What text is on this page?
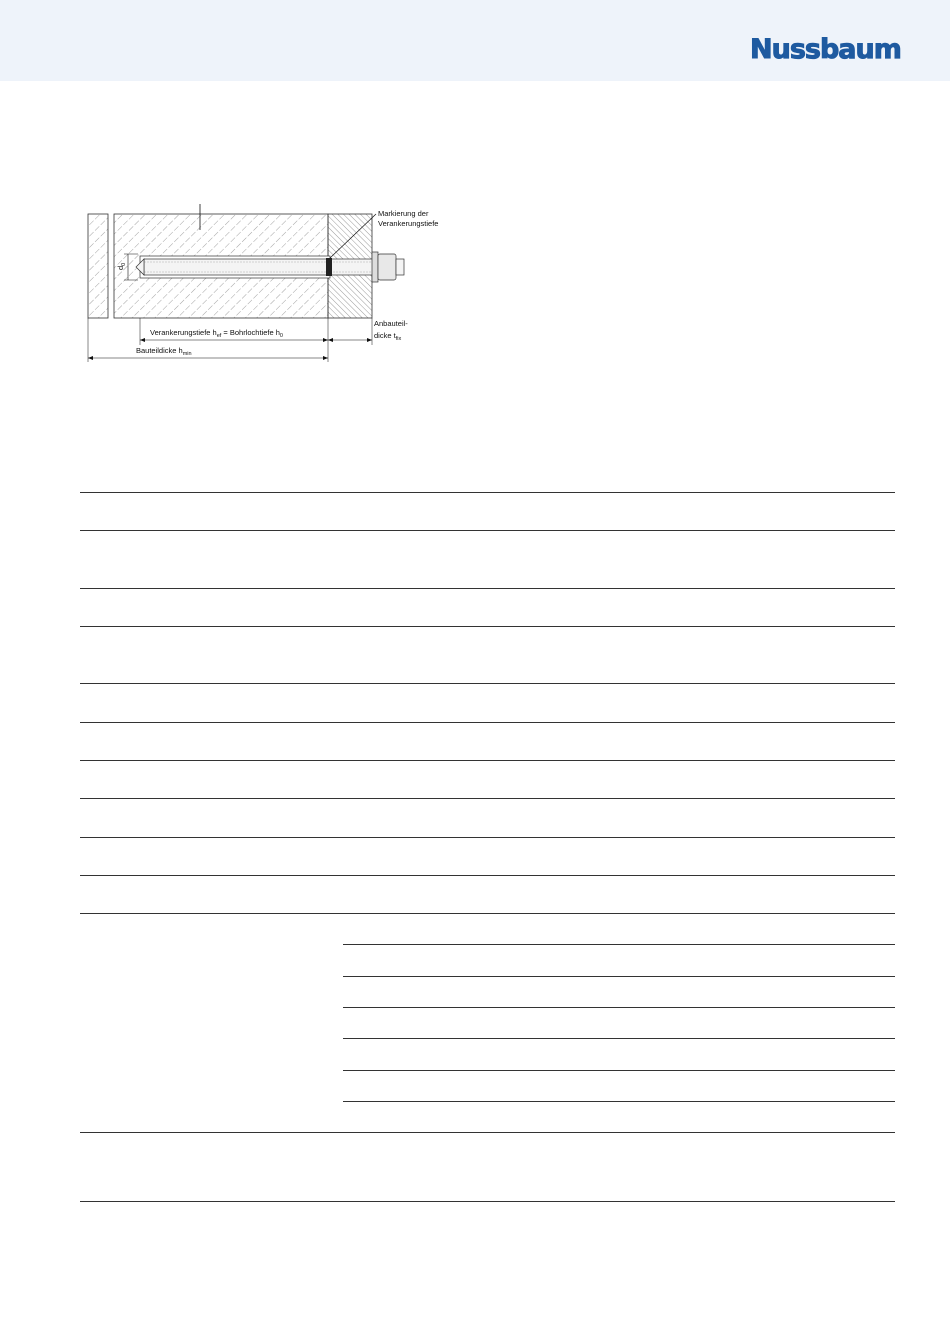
Nussbaum
Markierung der
Verankerungstiefe
$d_0$
Verankerungstiefe $h_{ef}$ = Bohrlochtiefe $h_0$
Anbauteil-
dicke $t_{fix}$
Bauteildicke $h_{min}$
